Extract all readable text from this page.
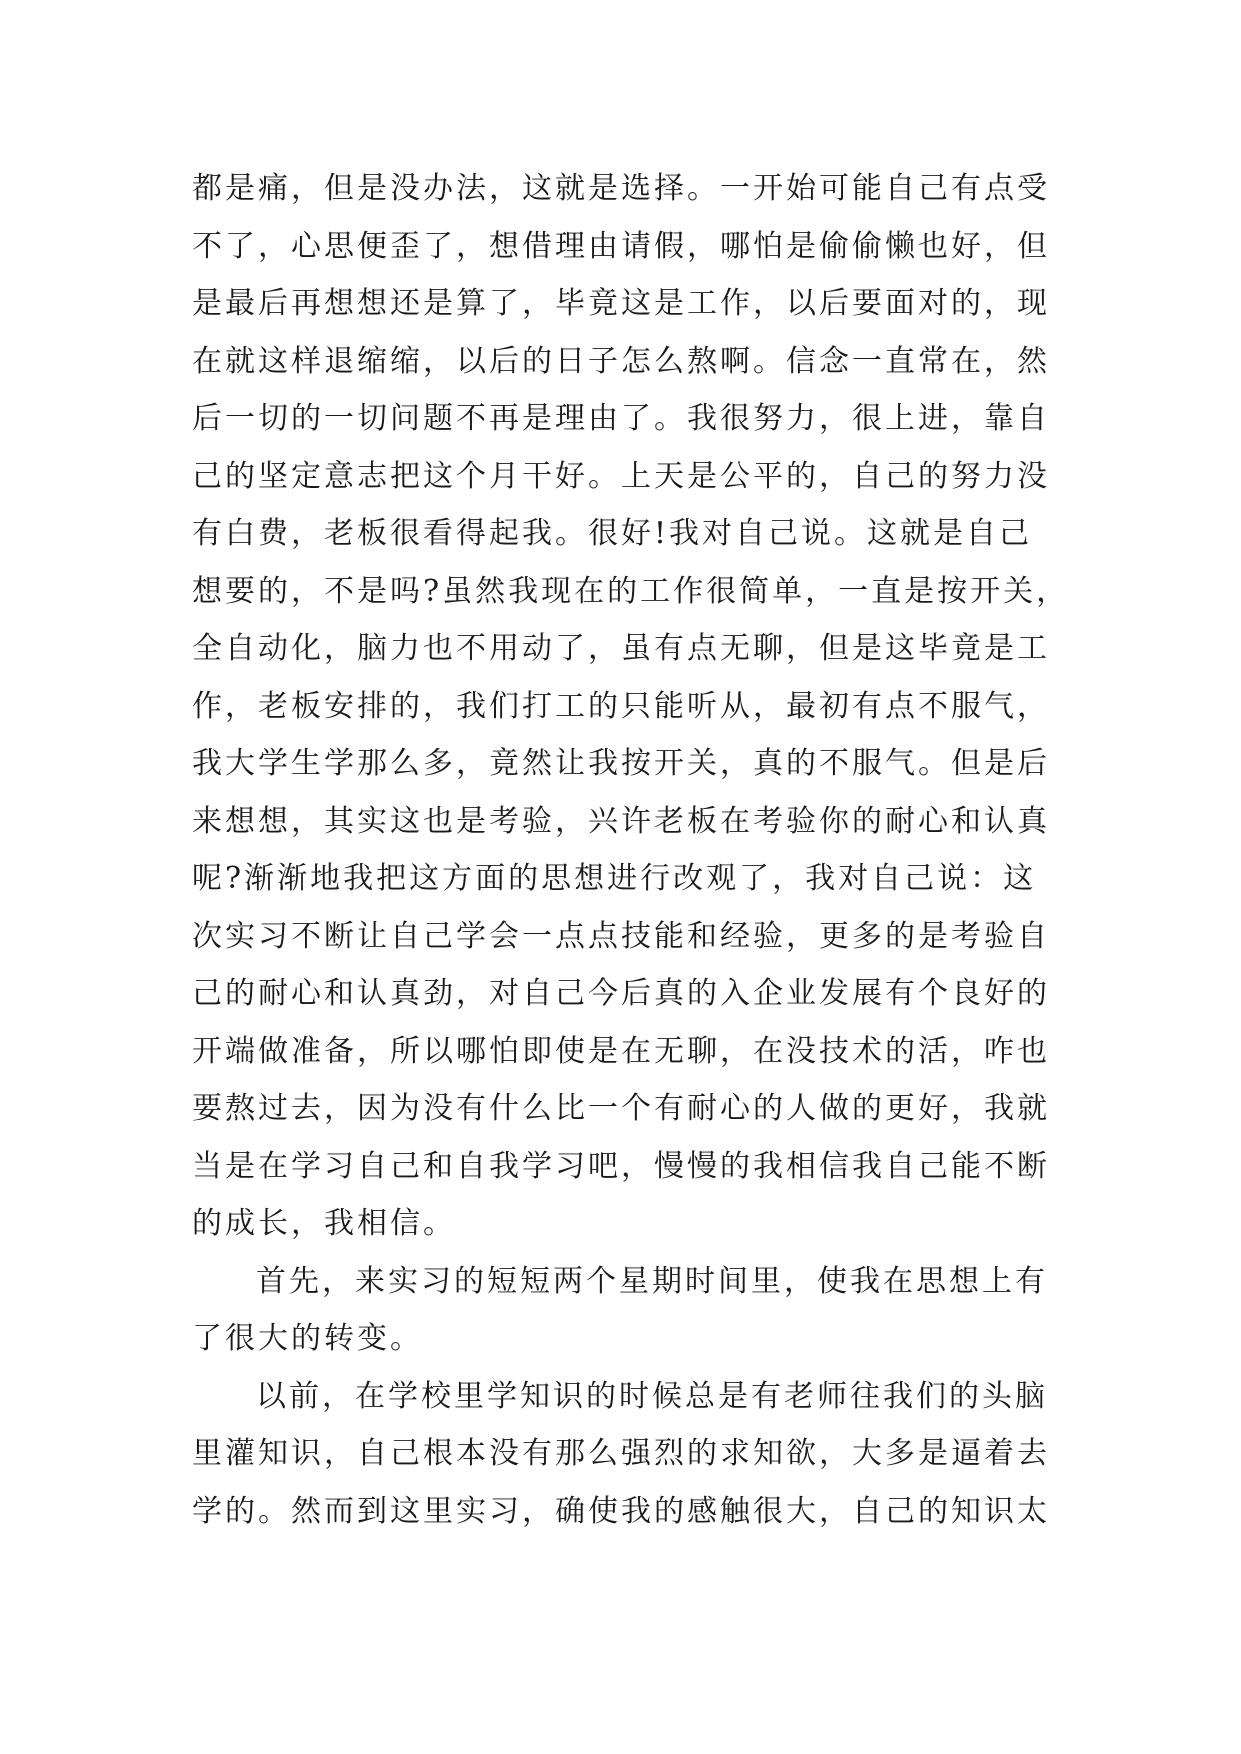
都是痛，但是没办法，这就是选择。一开始可能自己有点受
不了，心思便歪了，想借理由请假，哪怕是偷偷懒也好，但
是最后再想想还是算了，毕竟这是工作，以后要面对的，现
在就这样退缩缩，以后的日子怎么熬啊。信念一直常在，然
后一切的一切问题不再是理由了。我很努力，很上进，靠自
己的坚定意志把这个月干好。上天是公平的，自己的努力没
有白费，老板很看得起我。很好!我对自己说。这就是自己
想要的，不是吗?虽然我现在的工作很简单，一直是按开关，
全自动化，脑力也不用动了，虽有点无聊，但是这毕竟是工
作，老板安排的，我们打工的只能听从，最初有点不服气，
我大学生学那么多，竟然让我按开关，真的不服气。但是后
来想想，其实这也是考验，兴许老板在考验你的耐心和认真
呢?渐渐地我把这方面的思想进行改观了，我对自己说：这
次实习不断让自己学会一点点技能和经验，更多的是考验自
己的耐心和认真劲，对自己今后真的入企业发展有个良好的
开端做准备，所以哪怕即使是在无聊，在没技术的活，咋也
要熬过去，因为没有什么比一个有耐心的人做的更好，我就
当是在学习自己和自我学习吧，慢慢的我相信我自己能不断
的成长，我相信。
首先，来实习的短短两个星期时间里，使我在思想上有
了很大的转变。
以前，在学校里学知识的时候总是有老师往我们的头脑
里灌知识，自己根本没有那么强烈的求知欲，大多是逼着去
学的。然而到这里实习，确使我的感触很大，自己的知识太
